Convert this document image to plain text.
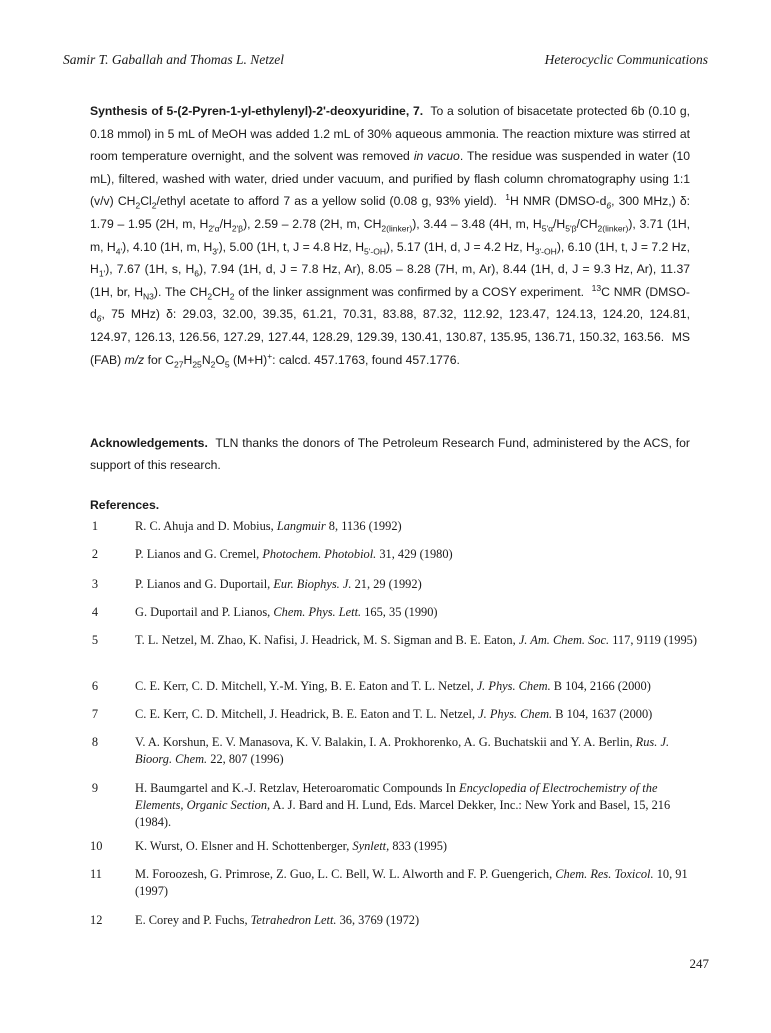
Samir T. Gaballah and Thomas L. Netzel	Heterocyclic Communications
Synthesis of 5-(2-Pyren-1-yl-ethylenyl)-2'-deoxyuridine, 7. To a solution of bisacetate protected 6b (0.10 g, 0.18 mmol) in 5 mL of MeOH was added 1.2 mL of 30% aqueous ammonia. The reaction mixture was stirred at room temperature overnight, and the solvent was removed in vacuo. The residue was suspended in water (10 mL), filtered, washed with water, dried under vacuum, and purified by flash column chromatography using 1:1 (v/v) $CH_2Cl_2$/ethyl acetate to afford 7 as a yellow solid (0.08 g, 93% yield). $^1$H NMR ($DMSO-d_6$, 300 MHz,) δ: 1.79 – 1.95 (2H, m, $H_{2'\alpha}/H_{2'\beta}$), 2.59 – 2.78 (2H, m, $CH_{2(linker)}$), 3.44 – 3.48 (4H, m, $H_{5'\alpha}/H_{5'\beta}/CH_{2(linker)}$), 3.71 (1H, m, $H_{4'}$), 4.10 (1H, m, $H_{3'}$), 5.00 (1H, t, J = 4.8 Hz, $H_{5'-OH}$), 5.17 (1H, d, J = 4.2 Hz, $H_{3'-OH}$), 6.10 (1H, t, J = 7.2 Hz, $H_{1'}$), 7.67 (1H, s, $H_6$), 7.94 (1H, d, J = 7.8 Hz, Ar), 8.05 – 8.28 (7H, m, Ar), 8.44 (1H, d, J = 9.3 Hz, Ar), 11.37 (1H, br, $H_{N3}$). The $CH_2CH_2$ of the linker assignment was confirmed by a COSY experiment. $^{13}$C NMR ($DMSO-d_6$, 75 MHz) δ: 29.03, 32.00, 39.35, 61.21, 70.31, 83.88, 87.32, 112.92, 123.47, 124.13, 124.20, 124.81, 124.97, 126.13, 126.56, 127.29, 127.44, 128.29, 129.39, 130.41, 130.87, 135.95, 136.71, 150.32, 163.56. MS (FAB) m/z for $C_{27}H_{25}N_2O_5$ (M+H)+: calcd. 457.1763, found 457.1776.
Acknowledgements. TLN thanks the donors of The Petroleum Research Fund, administered by the ACS, for support of this research.
References.
1	R. C. Ahuja and D. Mobius, Langmuir 8, 1136 (1992)
2	P. Lianos and G. Cremel, Photochem. Photobiol. 31, 429 (1980)
3	P. Lianos and G. Duportail, Eur. Biophys. J. 21, 29 (1992)
4	G. Duportail and P. Lianos, Chem. Phys. Lett. 165, 35 (1990)
5	T. L. Netzel, M. Zhao, K. Nafisi, J. Headrick, M. S. Sigman and B. E. Eaton, J. Am. Chem. Soc. 117, 9119 (1995)
6	C. E. Kerr, C. D. Mitchell, Y.-M. Ying, B. E. Eaton and T. L. Netzel, J. Phys. Chem. B 104, 2166 (2000)
7	C. E. Kerr, C. D. Mitchell, J. Headrick, B. E. Eaton and T. L. Netzel, J. Phys. Chem. B 104, 1637 (2000)
8	V. A. Korshun, E. V. Manasova, K. V. Balakin, I. A. Prokhorenko, A. G. Buchatskii and Y. A. Berlin, Rus. J. Bioorg. Chem. 22, 807 (1996)
9	H. Baumgartel and K.-J. Retzlav, Heteroaromatic Compounds In Encyclopedia of Electrochemistry of the Elements, Organic Section, A. J. Bard and H. Lund, Eds. Marcel Dekker, Inc.: New York and Basel, 15, 216 (1984).
10	K. Wurst, O. Elsner and H. Schottenberger, Synlett, 833 (1995)
11	M. Foroozesh, G. Primrose, Z. Guo, L. C. Bell, W. L. Alworth and F. P. Guengerich, Chem. Res. Toxicol. 10, 91 (1997)
12	E. Corey and P. Fuchs, Tetrahedron Lett. 36, 3769 (1972)
247
